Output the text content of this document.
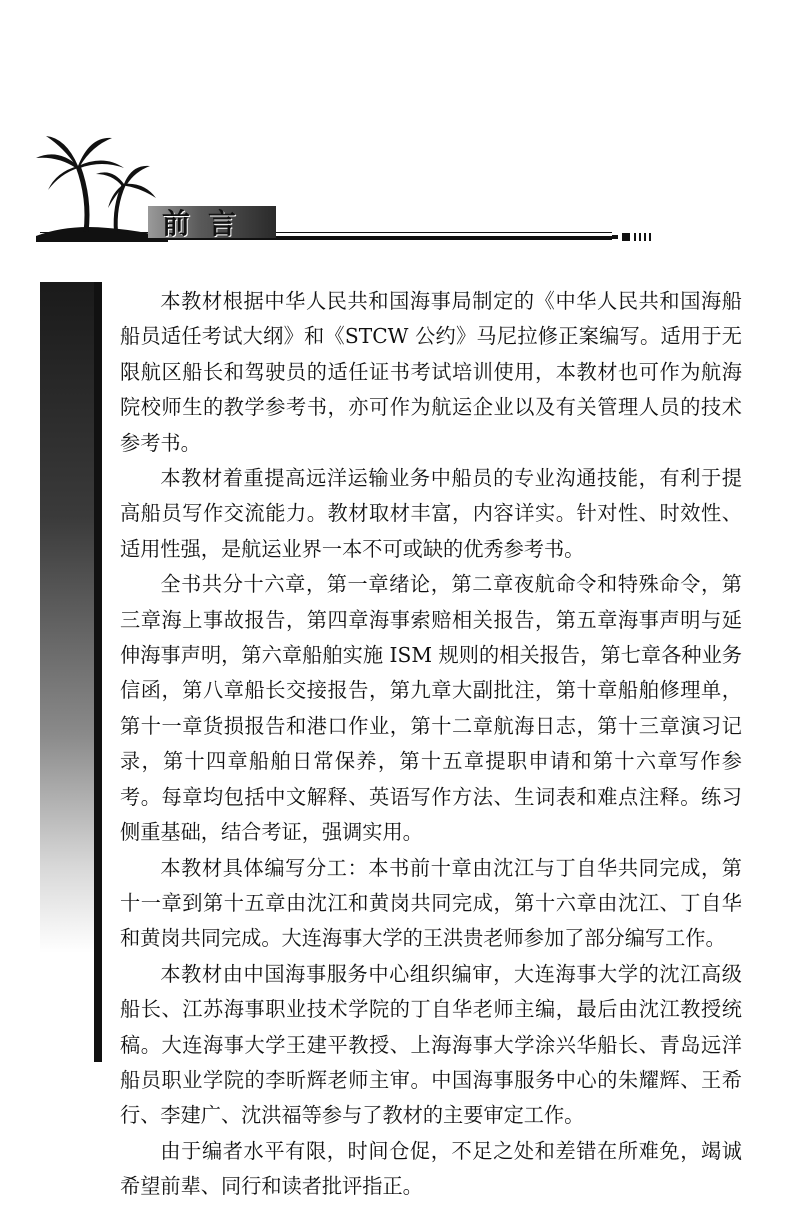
前言

本教材根据中华人民共和国海事局制定的《中华人民共和国海船船员适任考试大纲》和《STCW 公约》马尼拉修正案编写。适用于无限航区船长和驾驶员的适任证书考试培训使用，本教材也可作为航海院校师生的教学参考书，亦可作为航运企业以及有关管理人员的技术参考书。

本教材着重提高远洋运输业务中船员的专业沟通技能，有利于提高船员写作交流能力。教材取材丰富，内容详实。针对性、时效性、适用性强，是航运业界一本不可或缺的优秀参考书。

全书共分十六章，第一章绪论，第二章夜航命令和特殊命令，第三章海上事故报告，第四章海事索赔相关报告，第五章海事声明与延伸海事声明，第六章船舶实施 ISM 规则的相关报告，第七章各种业务信函，第八章船长交接报告，第九章大副批注，第十章船舶修理单，第十一章货损报告和港口作业，第十二章航海日志，第十三章演习记录，第十四章船舶日常保养，第十五章提职申请和第十六章写作参考。每章均包括中文解释、英语写作方法、生词表和难点注释。练习侧重基础，结合考证，强调实用。

本教材具体编写分工：本书前十章由沈江与丁自华共同完成，第十一章到第十五章由沈江和黄岗共同完成，第十六章由沈江、丁自华和黄岗共同完成。大连海事大学的王洪贵老师参加了部分编写工作。

本教材由中国海事服务中心组织编审，大连海事大学的沈江高级船长、江苏海事职业技术学院的丁自华老师主编，最后由沈江教授统稿。大连海事大学王建平教授、上海海事大学涂兴华船长、青岛远洋船员职业学院的李昕辉老师主审。中国海事服务中心的朱耀辉、王希行、李建广、沈洪福等参与了教材的主要审定工作。

由于编者水平有限，时间仓促，不足之处和差错在所难免，竭诚希望前辈、同行和读者批评指正。
